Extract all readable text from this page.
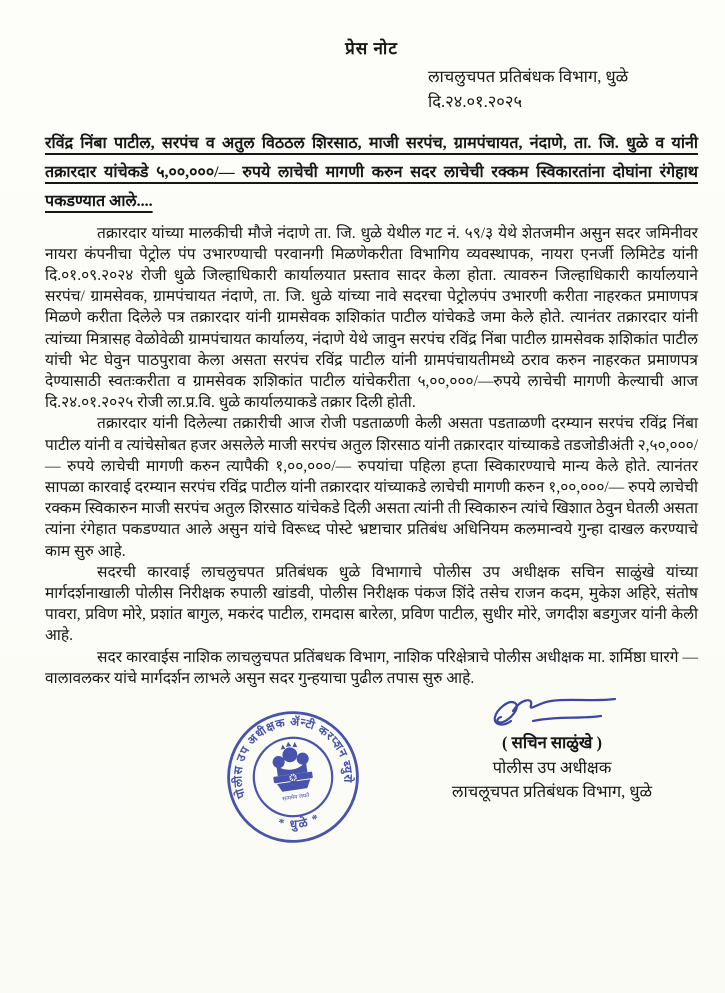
प्रेस नोट
लाचलुचपत प्रतिबंधक विभाग, धुळे
दि.२४.०१.२०२५
रविंद्र निंबा पाटील, सरपंच व अतुल विठठल शिरसाठ, माजी सरपंच, ग्रामपंचायत, नंदाणे, ता. जि. धुळे व यांनी तक्रारदार यांचेकडे ५,००,०००/— रुपये लाचेची मागणी करुन सदर लाचेची रक्कम स्विकारतांना दोघांना रंगेहाथ पकडण्यात आले....

तक्रारदार यांच्या मालकीची मौजे नंदाणे ता. जि. धुळे येथील गट नं. ५९/३ येथे शेतजमीन असुन सदर जमिनीवर नायरा कंपनीचा पेट्रोल पंप उभारण्याची परवानगी मिळणेकरीता विभागिय व्यवस्थापक, नायरा एनर्जी लिमिटेड यांनी दि.०१.०९.२०२४ रोजी धुळे जिल्हाधिकारी कार्यालयात प्रस्ताव सादर केला होता. त्यावरुन जिल्हाधिकारी कार्यालयाने सरपंच/ ग्रामसेवक, ग्रामपंचायत नंदाणे, ता. जि. धुळे यांच्या नावे सदरचा पेट्रोलपंप उभारणी करीता नाहरकत प्रमाणपत्र मिळणे करीता दिलेले पत्र तक्रारदार यांनी ग्रामसेवक शशिकांत पाटील यांचेकडे जमा केले होते. त्यानंतर तक्रारदार यांनी त्यांच्या मित्रासह वेळोवेळी ग्रामपंचायत कार्यालय, नंदाणे येथे जावुन सरपंच रविंद्र निंबा पाटील ग्रामसेवक शशिकांत पाटील यांची भेट घेवुन पाठपुरावा केला असता सरपंच रविंद्र पाटील यांनी ग्रामपंचायतीमध्ये ठराव करुन नाहरकत प्रमाणपत्र देण्यासाठी स्वतःकरीता व ग्रामसेवक शशिकांत पाटील यांचेकरीता ५,००,०००/—रुपये लाचेची मागणी केल्याची आज दि.२४.०१.२०२५ रोजी ला.प्र.वि. धुळे कार्यालयाकडे तक्रार दिली होती.

तक्रारदार यांनी दिलेल्या तक्रारीची आज रोजी पडताळणी केली असता पडताळणी दरम्यान सरपंच रविंद्र निंबा पाटील यांनी व त्यांचेसोबत हजर असलेले माजी सरपंच अतुल शिरसाठ यांनी तक्रारदार यांच्याकडे तडजोडीअंती २,५०,०००/— रुपये लाचेची मागणी करुन त्यापैकी १,००,०००/— रुपयांचा पहिला हप्ता स्विकारण्याचे मान्य केले होते. त्यानंतर सापळा कारवाई दरम्यान सरपंच रविंद्र पाटील यांनी तक्रारदार यांच्याकडे लाचेची मागणी करुन १,००,०००/— रुपये लाचेची रक्कम स्विकारुन माजी सरपंच अतुल शिरसाठ यांचेकडे दिली असता त्यांनी ती स्विकारुन त्यांचे खिशात ठेवुन घेतली असता त्यांना रंगेहात पकडण्यात आले असुन यांचे विरूध्द पोस्टे भ्रष्टाचार प्रतिबंध अधिनियम कलमान्वये गुन्हा दाखल करण्याचे काम सुरु आहे.

सदरची कारवाई लाचलुचपत प्रतिबंधक धुळे विभागाचे पोलीस उप अधीक्षक सचिन साळुंखे यांच्या मार्गदर्शनाखाली पोलीस निरीक्षक रुपाली खांडवी, पोलीस निरीक्षक पंकज शिंदे तसेच राजन कदम, मुकेश अहिरे, संतोष पावरा, प्रविण मोरे, प्रशांत बागुल, मकरंद पाटील, रामदास बारेला, प्रविण पाटील, सुधीर मोरे, जगदीश बडगुजर यांनी केली आहे.

सदर कारवाईस नाशिक लाचलुचपत प्रतिंबधक विभाग, नाशिक परिक्षेत्राचे पोलीस अधीक्षक मा. शर्मिष्ठा घारगे — वालावलकर यांचे मार्गदर्शन लाभले असुन सदर गुन्हयाचा पुढील तपास सुरु आहे.

पोलीस उप अधीक्षक ॲन्टी करप्शन ब्युरो
* धुळे *
सत्यमेव जयते
( सचिन साळुंखे )
पोलीस उप अधीक्षक
लाचलूचपत प्रतिबंधक विभाग, धुळे
